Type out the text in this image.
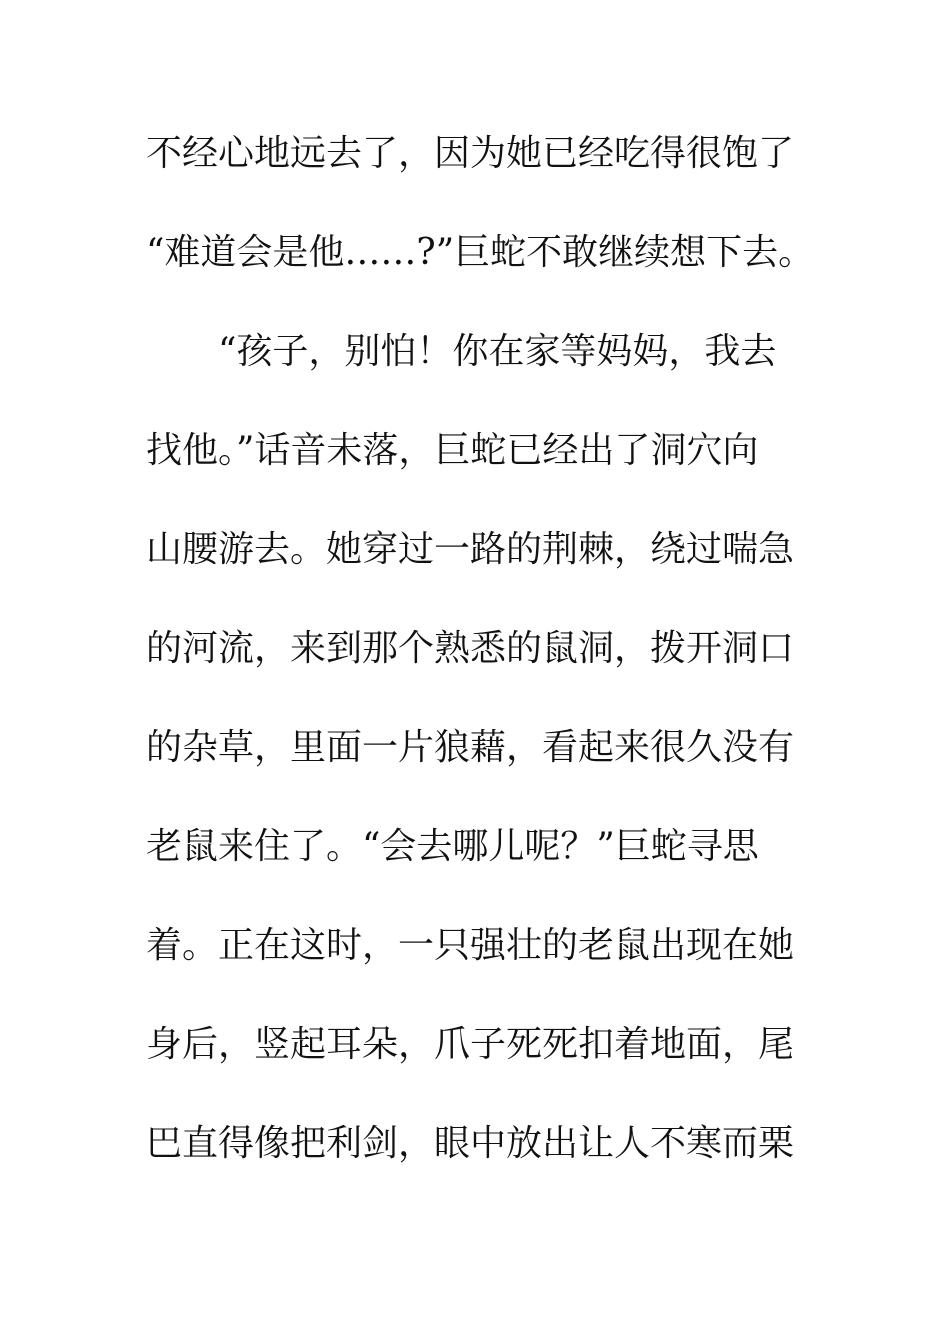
不经心地远去了，因为她已经吃得很饱了
“难道会是他……?”巨蛇不敢继续想下去。
　　“孩子，别怕！你在家等妈妈，我去
找他。”话音未落，巨蛇已经出了洞穴向
山腰游去。她穿过一路的荆棘，绕过喘急
的河流，来到那个熟悉的鼠洞，拨开洞口
的杂草，里面一片狼藉，看起来很久没有
老鼠来住了。“会去哪儿呢？”巨蛇寻思
着。正在这时，一只强壮的老鼠出现在她
身后，竖起耳朵，爪子死死扣着地面，尾
巴直得像把利剑，眼中放出让人不寒而栗
